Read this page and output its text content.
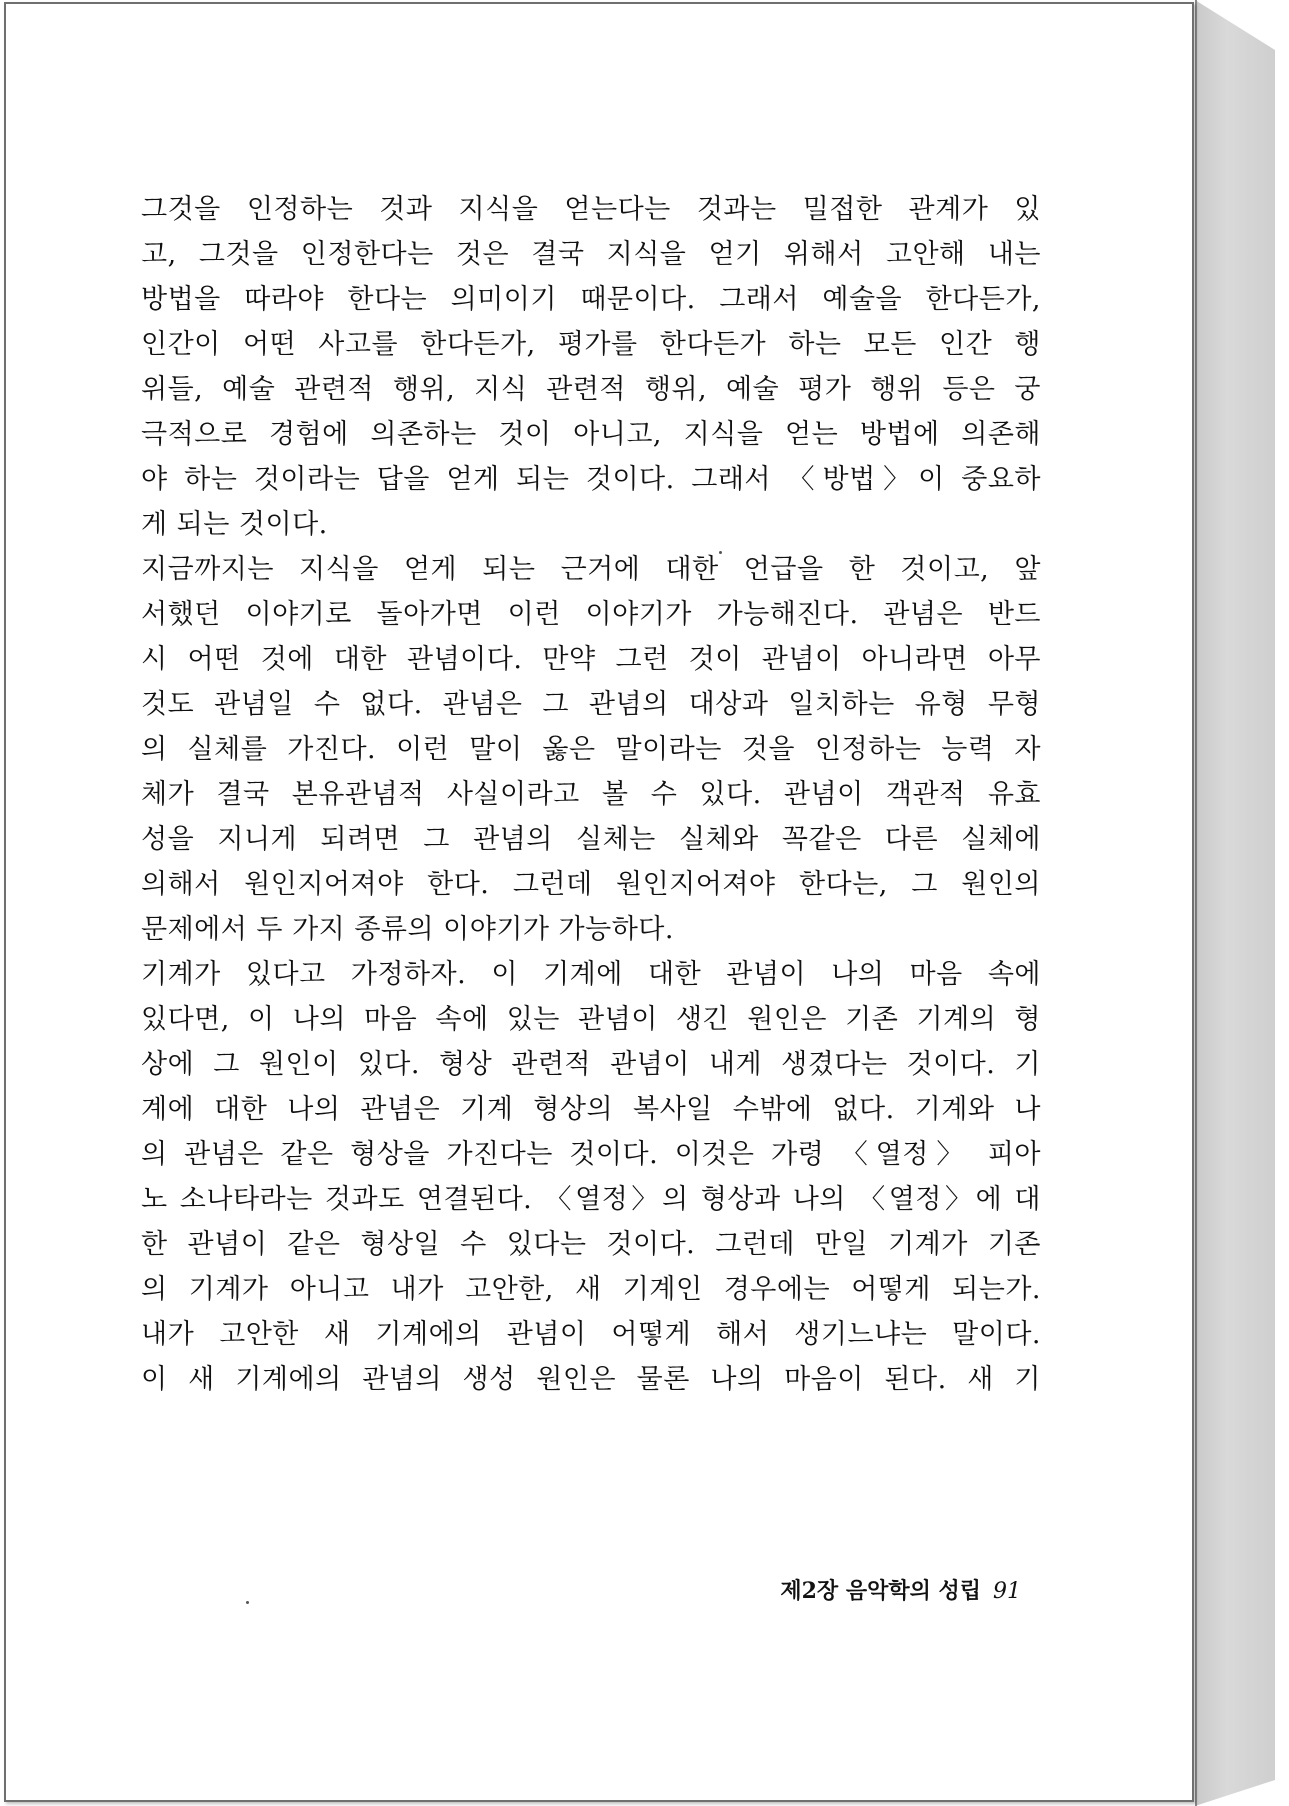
그것을 인정하는 것과 지식을 얻는다는 것과는 밀접한 관계가 있
고, 그것을 인정한다는 것은 결국 지식을 얻기 위해서 고안해 내는
방법을 따라야 한다는 의미이기 때문이다. 그래서 예술을 한다든가,
인간이 어떤 사고를 한다든가, 평가를 한다든가 하는 모든 인간 행
위들, 예술 관련적 행위, 지식 관련적 행위, 예술 평가 행위 등은 궁
극적으로 경험에 의존하는 것이 아니고, 지식을 얻는 방법에 의존해
야 하는 것이라는 답을 얻게 되는 것이다. 그래서 〈방법〉이 중요하
게 되는 것이다.
지금까지는 지식을 얻게 되는 근거에 대한 언급을 한 것이고, 앞
서했던 이야기로 돌아가면 이런 이야기가 가능해진다. 관념은 반드
시 어떤 것에 대한 관념이다. 만약 그런 것이 관념이 아니라면 아무
것도 관념일 수 없다. 관념은 그 관념의 대상과 일치하는 유형 무형
의 실체를 가진다. 이런 말이 옳은 말이라는 것을 인정하는 능력 자
체가 결국 본유관념적 사실이라고 볼 수 있다. 관념이 객관적 유효
성을 지니게 되려면 그 관념의 실체는 실체와 꼭같은 다른 실체에
의해서 원인지어져야 한다. 그런데 원인지어져야 한다는, 그 원인의
문제에서 두 가지 종류의 이야기가 가능하다.
기계가 있다고 가정하자. 이 기계에 대한 관념이 나의 마음 속에
있다면, 이 나의 마음 속에 있는 관념이 생긴 원인은 기존 기계의 형
상에 그 원인이 있다. 형상 관련적 관념이 내게 생겼다는 것이다. 기
계에 대한 나의 관념은 기계 형상의 복사일 수밖에 없다. 기계와 나
의 관념은 같은 형상을 가진다는 것이다. 이것은 가령 〈열정〉 피아
노 소나타라는 것과도 연결된다. 〈열정〉의 형상과 나의 〈열정〉에 대
한 관념이 같은 형상일 수 있다는 것이다. 그런데 만일 기계가 기존
의 기계가 아니고 내가 고안한, 새 기계인 경우에는 어떻게 되는가.
내가 고안한 새 기계에의 관념이 어떻게 해서 생기느냐는 말이다.
이 새 기계에의 관념의 생성 원인은 물론 나의 마음이 된다. 새 기
제2장 음악학의 성립 91
